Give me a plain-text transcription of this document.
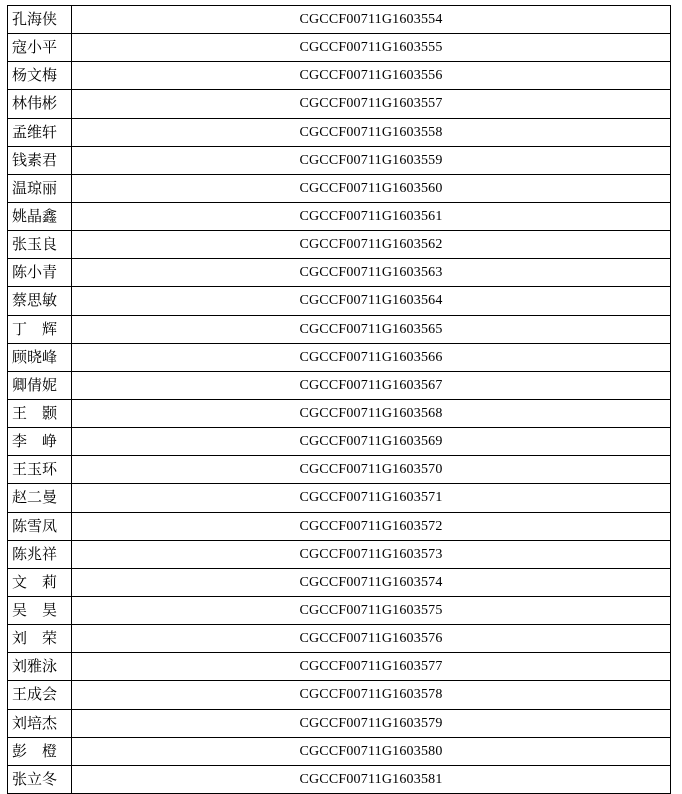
孔海侠	CGCCF00711G1603554
寇小平	CGCCF00711G1603555
杨文梅	CGCCF00711G1603556
林伟彬	CGCCF00711G1603557
孟维轩	CGCCF00711G1603558
钱素君	CGCCF00711G1603559
温琼丽	CGCCF00711G1603560
姚晶鑫	CGCCF00711G1603561
张玉良	CGCCF00711G1603562
陈小青	CGCCF00711G1603563
蔡思敏	CGCCF00711G1603564
丁　辉	CGCCF00711G1603565
顾晓峰	CGCCF00711G1603566
卿倩妮	CGCCF00711G1603567
王　颢	CGCCF00711G1603568
李　峥	CGCCF00711G1603569
王玉环	CGCCF00711G1603570
赵二曼	CGCCF00711G1603571
陈雪凤	CGCCF00711G1603572
陈兆祥	CGCCF00711G1603573
文　莉	CGCCF00711G1603574
吴　昊	CGCCF00711G1603575
刘　荣	CGCCF00711G1603576
刘雅泳	CGCCF00711G1603577
王成会	CGCCF00711G1603578
刘培杰	CGCCF00711G1603579
彭　橙	CGCCF00711G1603580
张立冬	CGCCF00711G1603581
